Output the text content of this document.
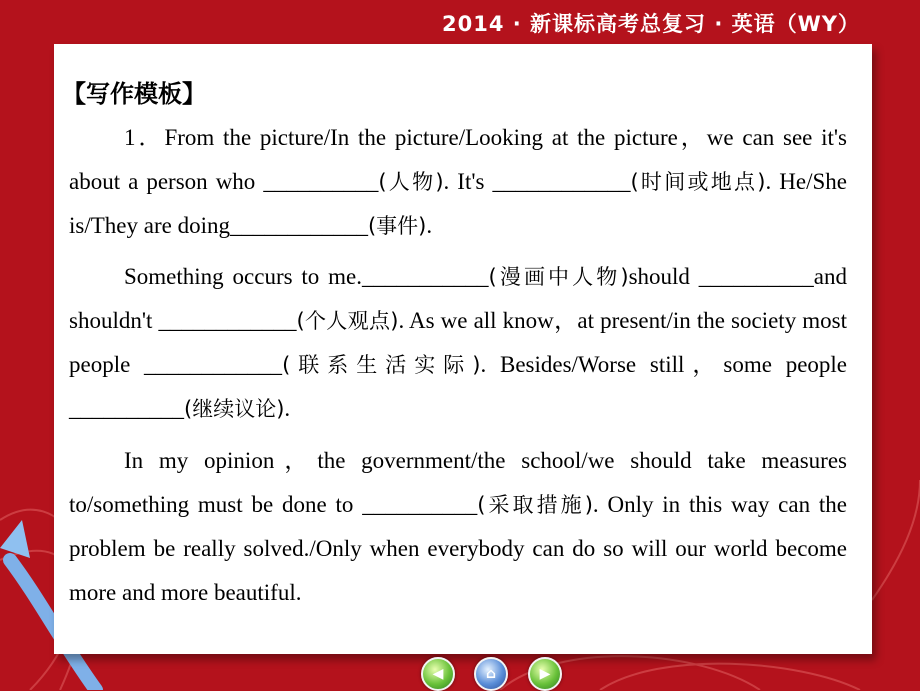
2014 · 新课标高考总复习 · 英语（WY）
【写作模板】
1．From the picture/In the picture/Looking at the picture，we can see it's about a person who __________(人物). It's ____________(时间或地点). He/She is/They are doing____________(事件).
Something occurs to me.___________(漫画中人物)should __________and shouldn't ____________(个人观点). As we all know，at present/in the society most people ____________(联系生活实际). Besides/Worse still，some people __________(继续议论).
In my opinion，the government/the school/we should take measures to/something must be done to __________(采取措施). Only in this way can the problem be really solved./Only when everybody can do so will our world become more and more beautiful.
◀	⌂	▶
